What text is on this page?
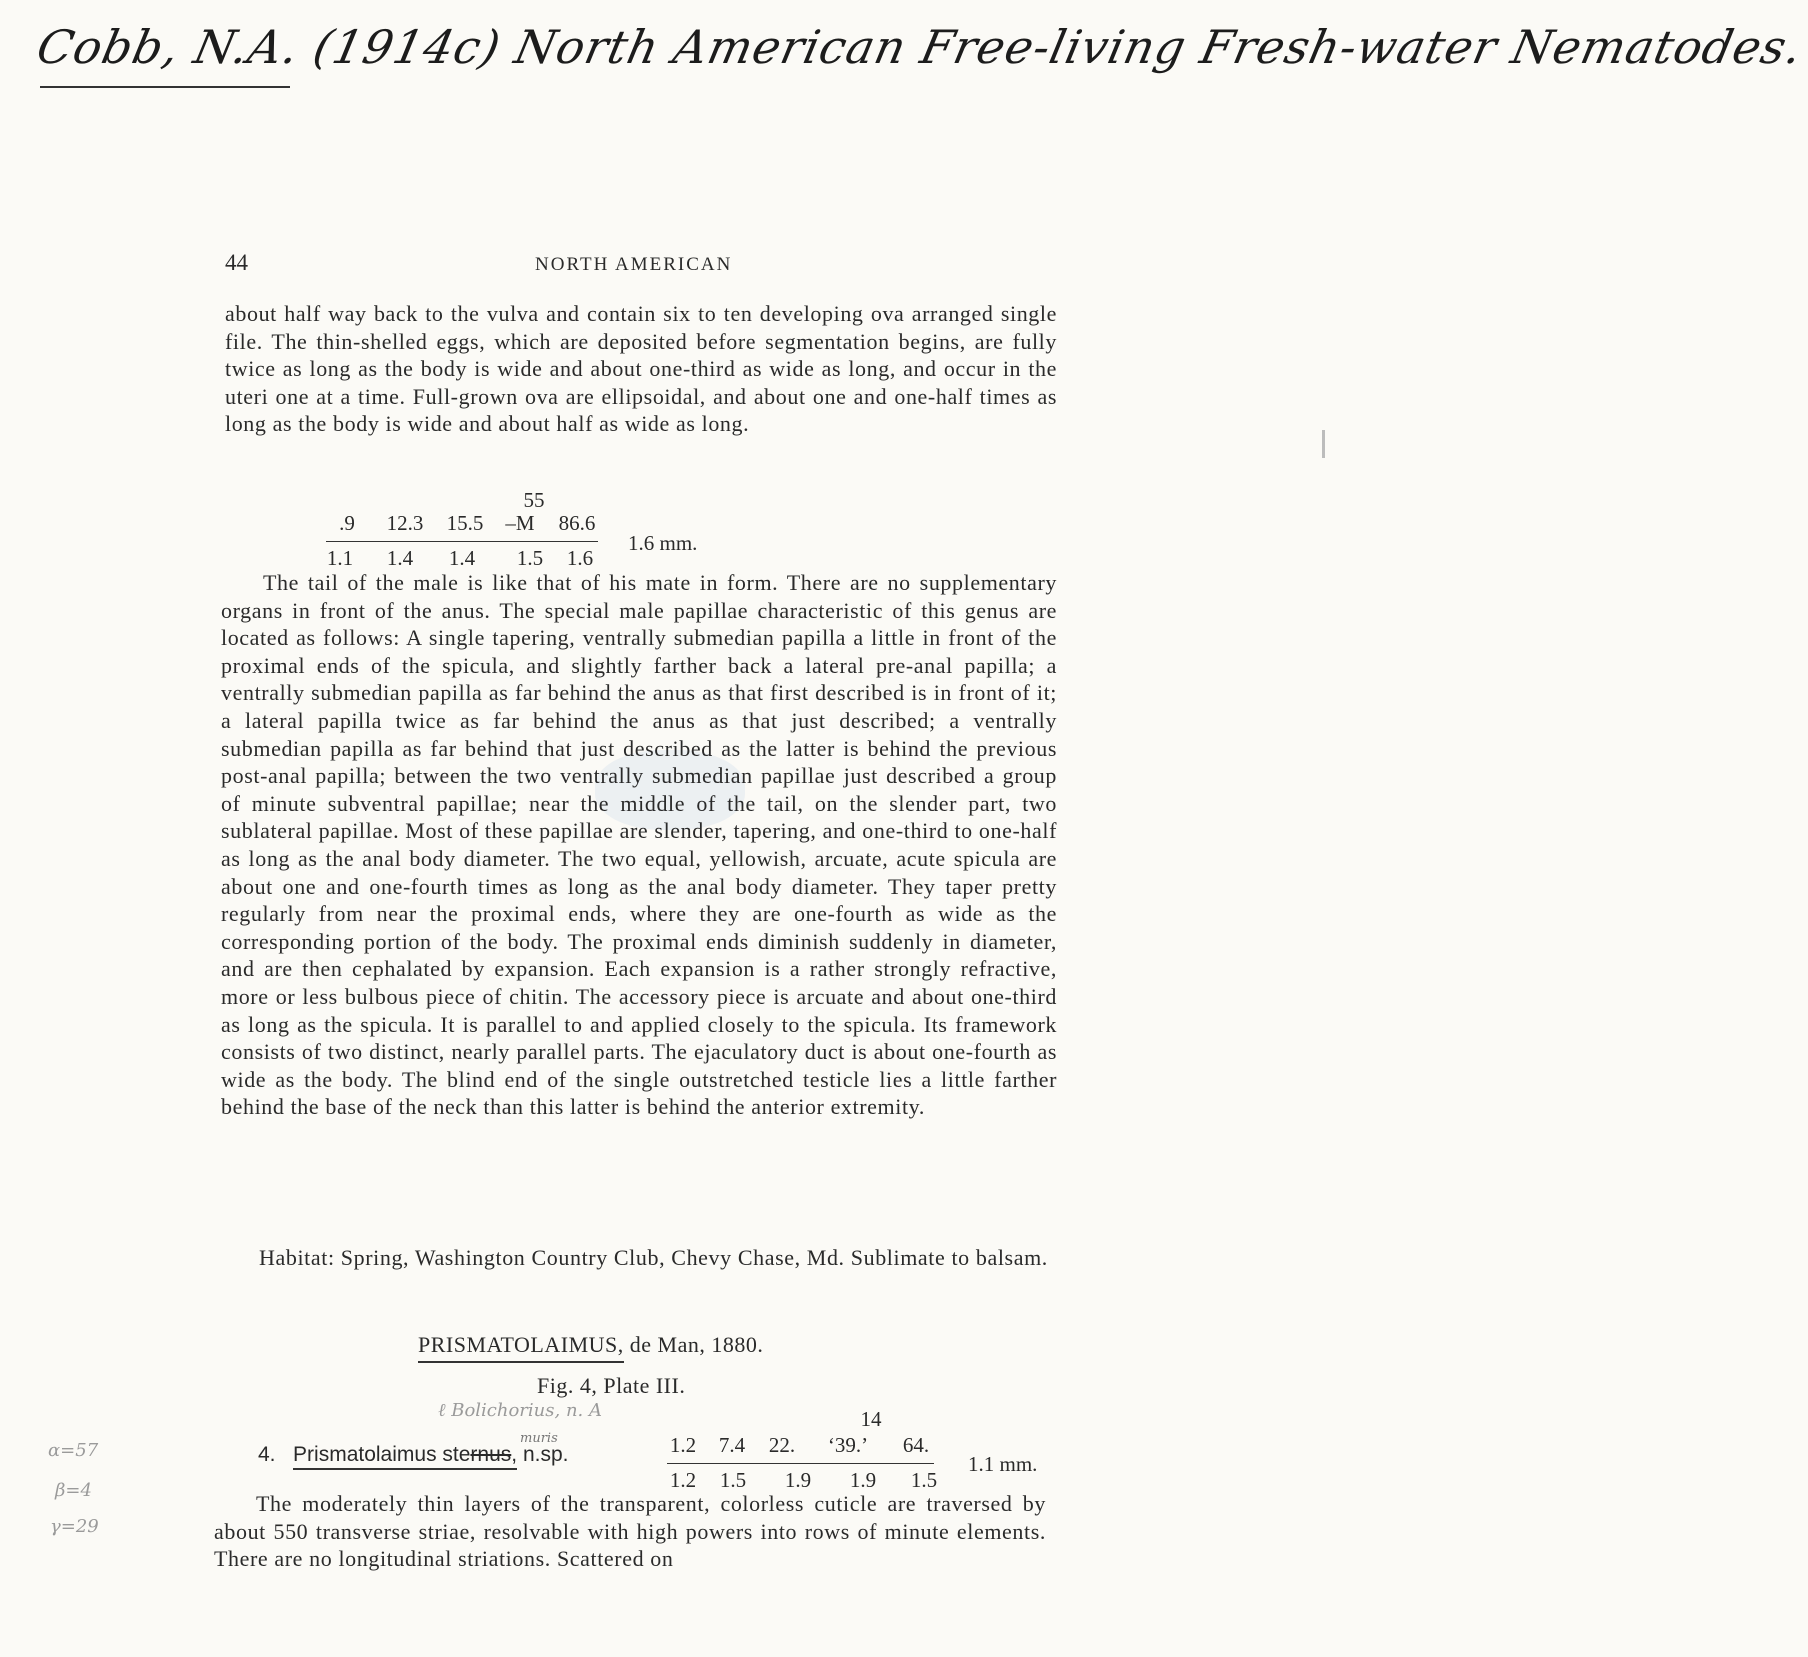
Cobb, N.A. (1914c) North American Free-living Fresh-water Nematodes.
44	NORTH AMERICAN

about half way back to the vulva and contain six to ten developing ova arranged single file. The thin-shelled eggs, which are deposited before segmentation begins, are fully twice as long as the body is wide and about one-third as wide as long, and occur in the uteri one at a time. Full-grown ova are ellipsoidal, and about one and one-half times as long as the body is wide and about half as wide as long.

55
.9	12.3	15.5	–M	86.6
1.1	1.4	1.4	1.5	1.6
1.6 mm.

The tail of the male is like that of his mate in form. There are no supplementary organs in front of the anus. The special male papillae characteristic of this genus are located as follows: A single tapering, ventrally submedian papilla a little in front of the proximal ends of the spicula, and slightly farther back a lateral pre-anal papilla; a ventrally submedian papilla as far behind the anus as that first described is in front of it; a lateral papilla twice as far behind the anus as that just described; a ventrally submedian papilla as far behind that just described as the latter is behind the previous post-anal papilla; between the two ventrally submedian papillae just described a group of minute subventral papillae; near the middle of the tail, on the slender part, two sublateral papillae. Most of these papillae are slender, tapering, and one-third to one-half as long as the anal body diameter. The two equal, yellowish, arcuate, acute spicula are about one and one-fourth times as long as the anal body diameter. They taper pretty regularly from near the proximal ends, where they are one-fourth as wide as the corresponding portion of the body. The proximal ends diminish suddenly in diameter, and are then cephalated by expansion. Each expansion is a rather strongly refractive, more or less bulbous piece of chitin. The accessory piece is arcuate and about one-third as long as the spicula. It is parallel to and applied closely to the spicula. Its framework consists of two distinct, nearly parallel parts. The ejaculatory duct is about one-fourth as wide as the body. The blind end of the single outstretched testicle lies a little farther behind the base of the neck than this latter is behind the anterior extremity.

Habitat: Spring, Washington Country Club, Chevy Chase, Md. Sublimate to balsam.

PRISMATOLAIMUS, de Man, 1880.
Fig. 4, Plate III.
ℓ Bolichorius, n. A
muris
4. Prismatolaimus sternus, n.sp.
α=57
β=4
γ=29
14
1.2	7.4	22.	‘39.’	64.
1.2	1.5	1.9	1.9	1.5
1.1 mm.

The moderately thin layers of the transparent, colorless cuticle are traversed by about 550 transverse striae, resolvable with high powers into rows of minute elements. There are no longitudinal striations. Scattered on
